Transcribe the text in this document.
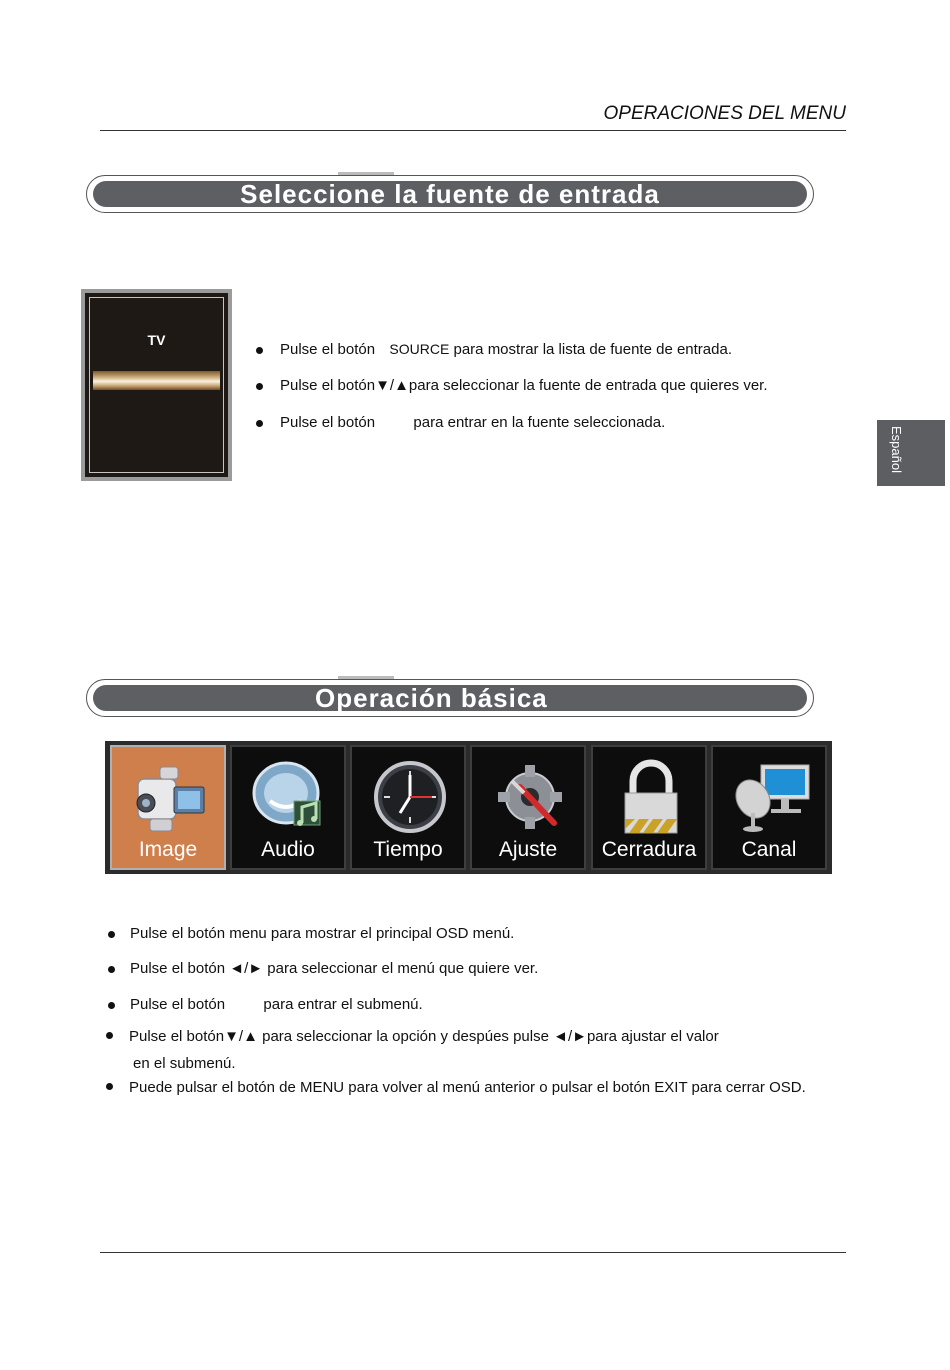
OPERACIONES DEL MENU
Español
Seleccione la fuente de entrada
TV
Pulse el botón SOURCE para mostrar la lista de fuente de entrada.
Pulse el botón▼/▲para seleccionar la fuente de entrada que quieres ver.
Pulse el botón	para entrar en la fuente seleccionada.
Operación básica
Image	Audio	Tiempo	Ajuste	Cerradura	Canal
Pulse el botón menu para mostrar el principal OSD menú.
Pulse el botón ◄/► para seleccionar el menú que quiere ver.
Pulse el botón	para entrar el submenú.
Pulse el botón▼/▲ para seleccionar la opción y despúes pulse ◄/►para ajustar el valor
en el submenú.
Puede pulsar el botón de MENU para volver al menú anterior o pulsar el botón EXIT para cerrar OSD.
